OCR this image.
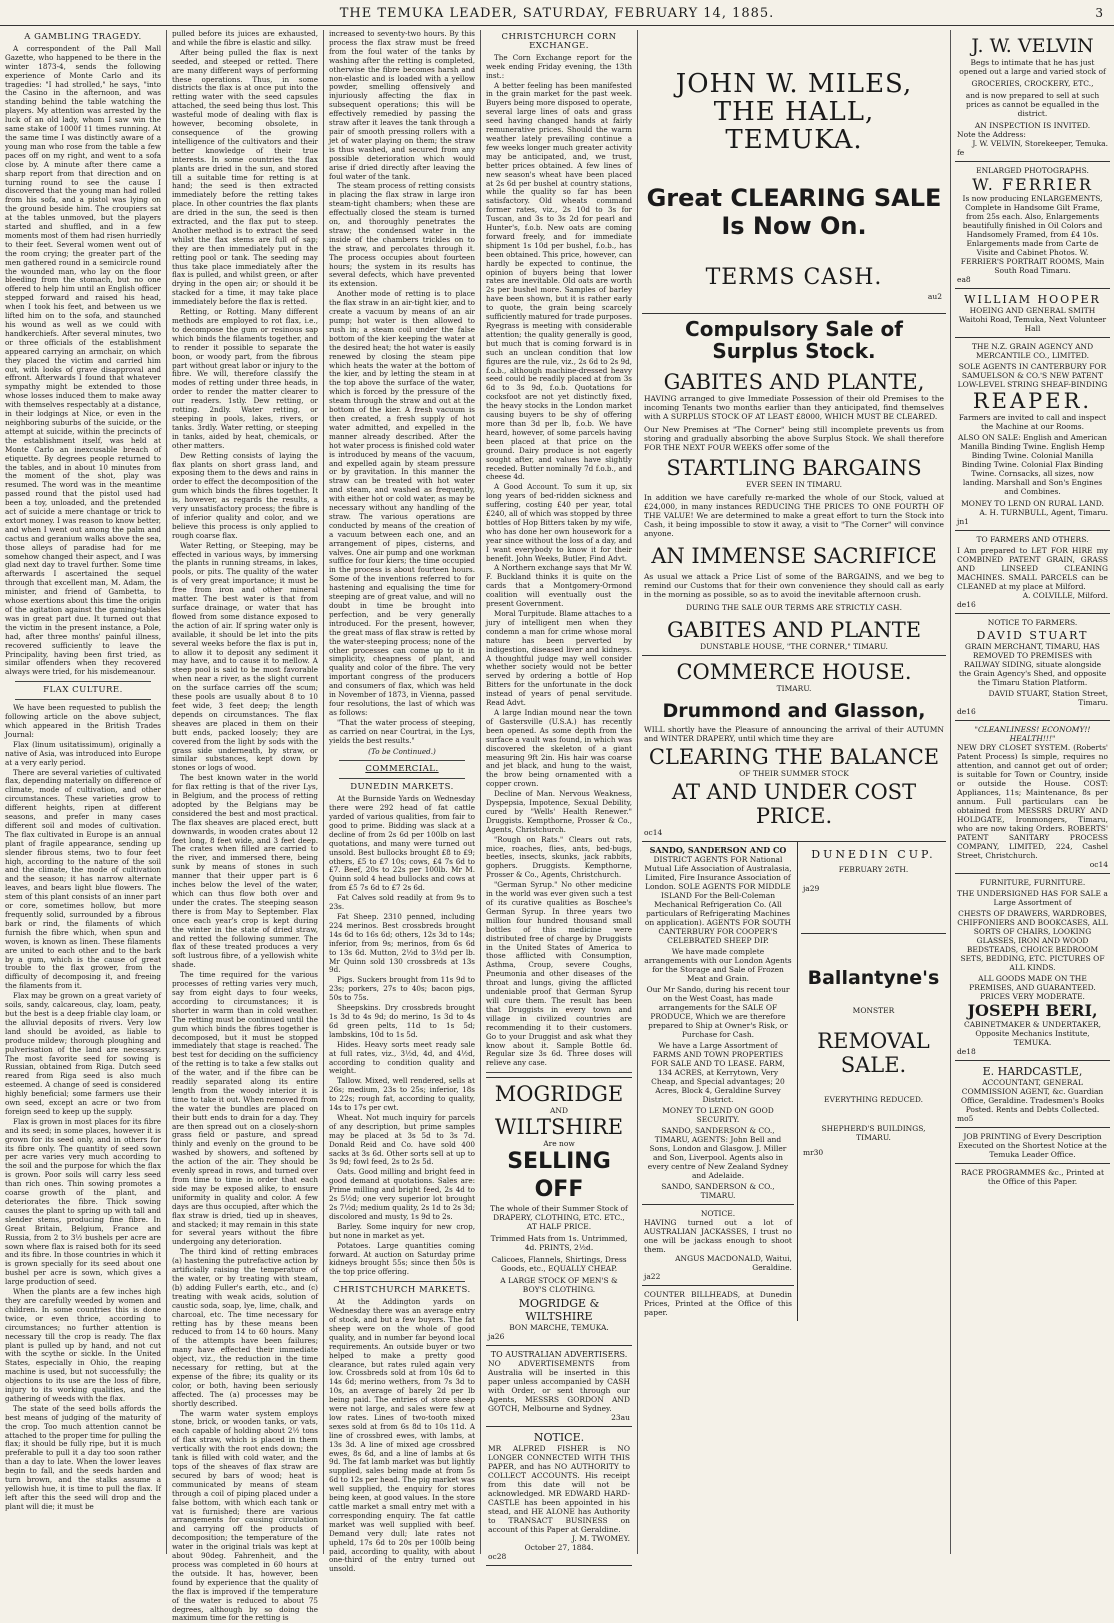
THE TEMUKA LEADER, SATURDAY, FEBRUARY 14, 1885.	3
A GAMBLING TRAGEDY.

A correspondent of the Pall Mall Gazette, who happened to be there in the winter 1873-4, sends the following experience of Monte Carlo and its tragedies: "I had strolled," he says, "into the Casino in the afternoon, and was standing behind the table watching the players. My attention was arrested by the luck of an old lady, whom I saw win the same stake of 1000f 11 times running. At the same time I was distinctly aware of a young man who rose from the table a few paces off on my right, and went to a sofa close by. A minute after there came a sharp report from that direction and on turning round to see the cause I discovered that the young man had rolled from his sofa, and a pistol was lying on the ground beside him. The croupiers sat at the tables unmoved, but the players started and shuffled, and in a few moments most of them had risen hurriedly to their feet. Several women went out of the room crying; the greater part of the men gathered round in a semicircle round the wounded man, who lay on the floor bleeding from the stomach, but no one offered to help him until an English officer stepped forward and raised his head, when I took his feet, and between us we lifted him on to the sofa, and staunched his wound as well as we could with handkerchiefs. After several minutes, two or three officials of the establishment appeared carrying an armchair, on which they placed the victim and carried him out, with looks of grave disapproval and effront. Afterwards I found that whatever sympathy might be extended to those whose losses induced them to make away with themselves respectably at a distance, in their lodgings at Nice, or even in the neighboring suburbs of the suicide, or the attempt at suicide, within the precincts of the establishment itself, was held at Monte Carlo an inexcusable breach of etiquette. By degrees people returned to the tables, and in about 10 minutes from the moment of the shot, play was resumed. The word was in the meantime passed round that the pistol used had been a toy, unloaded, and the pretended act of suicide a mere chantage or trick to extort money. I was reason to know better, and when I went out among the palm and cactus and geranium walks above the sea, those alleys of paradise had for me somehow changed their aspect, and I was glad next day to travel further. Some time afterwards I ascertained the sequel through that excellent man, M. Adam, the minister, and friend of Gambetta, to whose exertions about this time the origin of the agitation against the gaming-tables was in great part due. It turned out that the victim in the present instance, a Pole, had, after three months' painful illness, recovered sufficiently to leave the Principality, having been first tried, as similar offenders when they recovered always were tried, for his misdemeanour.

FLAX CULTURE.

We have been requested to publish the following article on the above subject, which appeared in the British Trades Journal:

Flax (linum usitatissimum), originally a native of Asia, was introduced into Europe at a very early period.

There are several varieties of cultivated flax, depending materially on difference of climate, mode of cultivation, and other circumstances. These varieties grow to different heights, ripen at different seasons, and prefer in many cases different soil and modes of cultivation. The flax cultivated in Europe is an annual plant of fragile appearance, sending up slender fibrous stems, two to four feet high, according to the nature of the soil and the climate, the mode of cultivation and the season; it has narrow alternate leaves, and bears light blue flowers. The stem of this plant consists of an inner part or core, sometimes hollow, but more frequently solid, surrounded by a fibrous bark or rind, the filaments of which furnish the fibre which, when spun and woven, is known as linen. These filaments are united to each other and to the bark by a gum, which is the cause of great trouble to the flax grower, from the difficulty of decomposing it, and freeing the filaments from it.

Flax may be grown on a great variety of soils, sandy, calcareous, clay, loam, peaty, but the best is a deep friable clay loam, or the alluvial deposits of rivers. Very low land should be avoided, as liable to produce mildew; thorough ploughing and pulverisation of the land are necessary. The most favorite seed for sowing is Russian, obtained from Riga. Dutch seed reared from Riga seed is also much esteemed. A change of seed is considered highly beneficial; some farmers use their own seed, except an acre or two from foreign seed to keep up the supply.

Flax is grown in most places for its fibre and its seed; in some places, however it is grown for its seed only, and in others for its fibre only. The quantity of seed sown per acre varies very much according to the soil and the purpose for which the flax is grown. Poor soils will carry less seed than rich ones. Thin sowing promotes a coarse growth of the plant, and deteriorates the fibre. Thick sowing causes the plant to spring up with tall and slender stems, producing fine fibre. In Great Britain, Belgium, France and Russia, from 2 to 3½ bushels per acre are sown where flax is raised both for its seed and its fibre. In those countries in which it is grown specially for its seed about one bushel per acre is sown, which gives a large production of seed.

When the plants are a few inches high they are carefully weeded by women and children. In some countries this is done twice, or even thrice, according to circumstances; no further attention is necessary till the crop is ready. The flax plant is pulled up by hand, and not cut with the scythe or sickle. In the United States, especially in Ohio, the reaping machine is used, but not successfully; the objections to its use are the loss of fibre, injury to its working qualities, and the gathering of weeds with the flax.

The state of the seed bolls affords the best means of judging of the maturity of the crop. Too much attention cannot be attached to the proper time for pulling the flax; it should be fully ripe, but it is much preferable to pull it a day too soon rather than a day to late. When the lower leaves begin to fall, and the seeds harden and turn brown, and the stalks assume a yellowish hue, it is time to pull the flax. If left after this the seed will drop and the plant will die; it must be

pulled before its juices are exhausted, and while the fibre is elastic and silky.

After being pulled the flax is next seeded, and steeped or retted. There are many different ways of performing these operations. Thus, in some districts the flax is at once put into the retting water with the seed capsules attached, the seed being thus lost. This wasteful mode of dealing with flax is however, becoming obsolete, in consequence of the growing intelligence of the cultivators and their better knowledge of their true interests. In some countries the flax plants are dried in the sun, and stored till a suitable time for retting is at hand; the seed is then extracted immediately before the retting takes place. In other countries the flax plants are dried in the sun, the seed is then extracted, and the flax put to steep. Another method is to extract the seed whilst the flax stems are full of sap; they are then immediately put in the retting pool or tank. The seeding may thus take place immediately after the flax is pulled, and whilst green, or after drying in the open air; or should it be stacked for a time, it may take place immediately before the flax is retted.

Retting, or Rotting. Many different methods are employed to rot flax, i.e., to decompose the gum or resinous sap which binds the filaments together, and to render it possible to separate the boon, or woody part, from the fibrous part without great labor or injury to the fibre. We will, therefore classify the modes of retting under three heads, in order to render the matter clearer to our readers. 1stly. Dew retting, or rotting. 2ndly. Water retting, or steeping in pools, lakes, rivers, or tanks. 3rdly. Water retting, or steeping in tanks, aided by heat, chemicals, or other matters.

Dew Retting consists of laying the flax plants on short grass land, and exposing them to the dews and rains in order to effect the decomposition of the gum which binds the fibres together. It is, however, as regards the results, a very unsatisfactory process; the fibre is of inferior quality and color, and we believe this process is only applied to rough coarse flax.

Water Retting, or Steeping, may be effected in various ways, by immersing the plants in running streams, in lakes, pools, or pits. The quality of the water is of very great importance; it must be free from iron and other mineral matter. The best water is that from surface drainage, or water that has flowed from some distance exposed to the action of air. If spring water only is available, it should be let into the pits several weeks before the flax is put in, to allow it to deposit any sediment it may have, and to cause it to mellow. A steep pool is said to be most favorable when near a river, as the slight current on the surface carries off the scum; these pools are usually about 8 to 10 feet wide, 3 feet deep; the length depends on circumstances. The flax sheaves are placed in them on their butt ends, packed loosely; they are covered from the light by sods with the grass side underneath, by straw, or similar substances, kept down by stones or logs of wood.

The best known water in the world for flax retting is that of the river Lys, in Belgium, and the process of retting adopted by the Belgians may be considered the best and most practical. The flax sheaves are placed erect, butt downwards, in wooden crates about 12 feet long, 8 feet wide, and 3 feet deep. The crates when filled are carried to the river, and immersed there, being sunk by means of stones in such manner that their upper part is 6 inches below the level of the water, which can thus flow both over and under the crates. The steeping season there is from May to September. Flax once each year's crop is kept during the winter in the state of dried straw, and retted the following summer. The flax of these treated produces a very soft lustrous fibre, of a yellowish white shade.

The time required for the various processes of retting varies very much, say from eight days to four weeks, according to circumstances; it is shorter in warm than in cold weather. The retting must be continued until the gum which binds the fibres together is decomposed, but it must be stopped immediately that stage is reached. The best test for deciding on the sufficiency of the retting is to take a few stalks out of the water, and if the fibre can be readily separated along its entire length from the woody interior it is time to take it out. When removed from the water the bundles are placed on their butt ends to drain for a day. They are then spread out on a closely-shorn grass field or pasture, and spread thinly and evenly on the ground to be washed by showers, and softened by the action of the air. They should be evenly spread in rows, and turned over from time to time in order that each side may be exposed alike, to ensure uniformity in quality and color. A few days are thus occupied, after which the flax straw is dried, tied up in sheaves, and stacked; it may remain in this state for several years without the fibre undergoing any deterioration.

The third kind of retting embraces (a) hastening the putrefactive action by artificially raising the temperature of the water, or by treating with steam, (b) adding Fuller's earth, etc., and (c) treating with weak acids, solution of caustic soda, soap, lye, lime, chalk, and charcoal, etc. The time necessary for retting has by these means been reduced to from 14 to 60 hours. Many of the attempts have been failures; many have effected their immediate object, viz., the reduction in the time necessary for retting, but at the expense of the fibre; its quality or its color, or both, having been seriously affected. The (a) processes may be shortly described.

The warm water system employs stone, brick, or wooden tanks, or vats, each capable of holding about 2½ tons of flax straw, which is placed in them vertically with the root ends down; the tank is filled with cold water, and the tops of the sheaves of flax straw are secured by bars of wood; heat is communicated by means of steam through a coil of piping placed under a false bottom, with which each tank or vat is furnished; there are various arrangements for causing circulation and carrying off the products of decomposition; the temperature of the water in the original trials was kept at about 90deg. Fahrenheit, and the process was completed in 60 hours at the outside. It has, however, been found by experience that the quality of the flax is improved if the temperature of the water is reduced to about 75 degrees, although by so doing the maximum time for the retting is

increased to seventy-two hours. By this process the flax straw must be freed from the foul water of the tanks by washing after the retting is completed, otherwise the fibre becomes harsh and non-elastic and is loaded with a yellow powder, smelling offensively and injuriously affecting the flax in subsequent operations; this will be effectively remedied by passing the straw after it leaves the tank through a pair of smooth pressing rollers with a jet of water playing on them; the straw is thus washed, and secured from any possible deterioration which would arise if dried directly after leaving the foul water of the tank.

The steam process of retting consists in placing the flax straw in large iron steam-tight chambers; when these are effectually closed the steam is turned on, and thoroughly penetrates the straw; the condensed water in the inside of the chambers trickles on to the straw, and percolates through it. The process occupies about fourteen hours; the system in its results has several defects, which have prevented its extension.

Another mode of retting is to place the flax straw in an air-tight kier, and to create a vacuum by means of an air pump; hot water is then allowed to rush in; a steam coil under the false bottom of the kier keeping the water at the desired heat; the hot water is easily renewed by closing the steam pipe which heats the water at the bottom of the kier, and by letting the steam in at the top above the surface of the water, which is forced by the pressure of the steam through the straw and out at the bottom of the kier. A fresh vacuum is then created, a fresh supply of hot water admitted, and expelled in the manner already described. After the hot water process is finished cold water is introduced by means of the vacuum, and expelled again by steam pressure or by gravitation. In this manner the straw can be treated with hot water and steam, and washed as frequently, with either hot or cold water, as may be necessary without any handling of the straw. The various operations are conducted by means of the creation of a vacuum between each one, and an arrangement of pipes, cisterns, and valves. One air pump and one workman suffice for four kiers; the time occupied in the process is about fourteen hours. Some of the inventions referred to for hastening and equalising the time for steeping are of great value, and will no doubt in time be brought into perfection, and be very generally introduced. For the present, however, the great mass of flax straw is retted by the water-steeping process; none of the other processes can come up to it in simplicity, cheapness of plant, and quality and color of the fibre. The very important congress of the producers and consumers of flax, which was held in November of 1873, in Vienna, passed four resolutions, the last of which was as follows:

"That the water process of steeping, as carried on near Courtrai, in the Lys, yields the best results."

(To be Continued.)
COMMERCIAL.
DUNEDIN MARKETS.

At the Burnside Yards on Wednesday there were 292 head of fat cattle yarded of various qualities, from fair to good to prime. Bidding was slack at a decline of from 2s 6d per 100lb on last quotations, and many were turned out unsold. Best bullocks brought £8 to £9; others, £5 to £7 10s; cows, £4 7s 6d to £7. Beef, 20s to 22s per 100lb. Mr M. Quinn sold 4 head bullocks and cows at from £5 7s 6d to £7 2s 6d.

Fat Calves sold readily at from 9s to 23s.

Fat Sheep. 2310 penned, including 224 merinos. Best crossbreds brought 14s 6d to 16s 6d; others, 12s 3d to 14s; inferior, from 9s; merinos, from 6s 6d to 13s 6d. Mutton, 2½d to 3½d per lb. Mr Quinn sold 130 crossbreds at 13s 9d.

Pigs. Suckers brought from 11s 9d to 23s; porkers, 27s to 40s; bacon pigs, 50s to 75s.

Sheepskins. Dry crossbreds brought 1s 3d to 4s 9d; do merino, 1s 3d to 4s 6d green pelts, 11d to 1s 5d; lambskins, 10d to 1s 5d.

Hides. Heavy sorts meet ready sale at full rates, viz., 3½d, 4d, and 4½d, according to condition quality and weight.

Tallow. Mixed, well rendered, sells at 26s; medium, 23s to 25s; inferior, 18s to 22s; rough fat, according to quality, 14s to 17s per cwt.

Wheat. Not much inquiry for parcels of any description, but prime samples may be placed at 3s 5d to 3s 7d. Donald Reid and Co. have sold 400 sacks at 3s 6d. Other sorts sell at up to 3s 9d; fowl feed, 2s to 2s 5d.

Oats. Good milling and bright feed in good demand at quotations. Sales are: Prime milling and bright feed, 2s 4d to 2s 5½d; one very superior lot brought 2s 7½d; medium quality, 2s 1d to 2s 3d; discolored and musty, 1s 9d to 2s.

Barley. Some inquiry for new crop, but none in market as yet.

Potatoes. Large quantities coming forward. At auction on Saturday prime kidneys brought 55s; since then 50s is the top price offering.

CHRISTCHURCH MARKETS.

At the Addington yards on Wednesday there was an average entry of stock, and but a few buyers. The fat sheep were on the whole of good quality, and in number far beyond local requirements. An outside buyer or two helped to make a pretty good clearance, but rates ruled again very low. Crossbreds sold at from 10s 6d to 14s 6d; merino wethers, from 7s 3d to 10s, an average of barely 2d per lb being paid. The entries of store sheep were not large, and sales were few at low rates. Lines of two-tooth mixed sexes sold at from 6s 8d to 10s 11d. A line of crossbred ewes, with lambs, at 13s 3d. A line of mixed age crossbred ewes, 8s 6d, and a line of lambs at 6s 9d. The fat lamb market was but lightly supplied, sales being made at from 5s 6d to 12s per head. The pig market was well supplied, the enquiry for stores being keen, at good values. In the store cattle market a small entry met with a corresponding enquiry. The fat cattle market was well supplied with beef. Demand very dull; late rates not upheld, 17s 6d to 20s per 100lb being paid, according to quality, with about one-third of the entry turned out unsold.

CHRISTCHURCH CORN EXCHANGE.

The Corn Exchange report for the week ending Friday evening, the 13th inst.:

A better feeling has been manifested in the grain market for the past week. Buyers being more disposed to operate, several large lines of oats and grass seed having changed hands at fairly remunerative prices. Should the warm weather lately prevailing continue a few weeks longer much greater activity may be anticipated, and, we trust, better prices obtained. A few lines of new season's wheat have been placed at 2s 6d per bushel at country stations, while the quality so far has been satisfactory. Old wheats command former rates, viz., 2s 10d to 3s for Tuscan, and 3s to 3s 2d for pearl and Hunter's, f.o.b. New oats are coming forward freely, and for immediate shipment 1s 10d per bushel, f.o.b., has been obtained. This price, however, can hardly be expected to continue, the opinion of buyers being that lower rates are inevitable. Old oats are worth 2s per bushel more. Samples of barley have been shown, but it is rather early to quote, the grain being scarcely sufficiently matured for trade purposes. Ryegrass is meeting with considerable attention; the quality generally is good, but much that is coming forward is in such an unclean condition that low figures are the rule, viz., 2s 6d to 2s 9d, f.o.b., although machine-dressed heavy seed could be readily placed at from 3s 6d to 3s 9d, f.o.b. Quotations for cocksfoot are not yet distinctly fixed, the heavy stocks in the London market causing buyers to be shy of offering more than 3d per lb, f.o.b. We have heard, however, of some parcels having been placed at that price on the ground. Dairy produce is not eagerly sought after, and values have slightly receded. Butter nominally 7d f.o.b., and cheese 4d.

A Good Account. To sum it up, six long years of bed-ridden sickness and suffering, costing £40 per year, total £240, all of which was stopped by three bottles of Hop Bitters taken by my wife, who has done her own housework for a year since without the loss of a day, and I want everybody to know it for their benefit. John Weeks, Butler, Find Advt.

A Northern exchange says that Mr W. F. Buckland thinks it is quite on the cards that a Montgomery-Ormond coalition will eventually oust the present Government.

Moral Turpitude. Blame attaches to a jury of intelligent men when they condemn a man for crime whose moral nature has been perverted by indigestion, diseased liver and kidneys. A thoughtful judge may well consider whether society would not be better served by ordering a bottle of Hop Bitters for the unfortunate in the dock instead of years of penal servitude. Read Advt.

A large Indian mound near the town of Gastersville (U.S.A.) has recently been opened. As some depth from the surface a vault was found, in which was discovered the skeleton of a giant measuring 9ft 2in. His hair was coarse and jet black, and hung to the waist, the brow being ornamented with a copper crown.

Decline of Man. Nervous Weakness, Dyspepsia, Impotence, Sexual Debility, cured by "Wells' Health Renewer." Druggists. Kempthorne, Prosser & Co., Agents, Christchurch.

"Rough on Rats." Clears out rats, mice, roaches, flies, ants, bed-bugs, beetles, insects, skunks, jack rabbits, gophers. Druggists. Kempthorne, Prosser & Co., Agents, Christchurch.

"German Syrup." No other medicine in the world was ever given such a test of its curative qualities as Boschee's German Syrup. In three years two million four hundred thousand small bottles of this medicine were distributed free of charge by Druggists in the United States of America to those afflicted with Consumption, Asthma, Croup, severe Coughs, Pneumonia and other diseases of the throat and lungs, giving the afflicted undeniable proof that German Syrup will cure them. The result has been that Druggists in every town and village in civilized countries are recommending it to their customers. Go to your Druggist and ask what they know about it. Sample Bottle 6d. Regular size 3s 6d. Three doses will relieve any case.

MOGRIDGE
AND
WILTSHIRE
Are now
SELLING OFF
The whole of their Summer Stock of DRAPERY, CLOTHING, ETC. ETC., AT HALF PRICE.
Trimmed Hats from 1s. Untrimmed, 4d. PRINTS, 2½d.
Calicoes, Flannels, Shirtings, Dress Goods, etc., EQUALLY CHEAP.
A LARGE STOCK OF MEN'S & BOY'S CLOTHING.
MOGRIDGE & WILTSHIRE
BON MARCHE, TEMUKA.
ja26
TO AUSTRALIAN ADVERTISERS.
NO ADVERTISEMENTS from Australia will be inserted in this paper unless accompanied by CASH with Order, or sent through our Agents, MESSRS GORDON AND GOTCH, Melbourne and Sydney.
23au
NOTICE.
MR ALFRED FISHER is NO LONGER CONNECTED WITH THIS PAPER, and has NO AUTHORITY to COLLECT ACCOUNTS. His receipt from this date will not be acknowledged. MR EDWARD HARD-CASTLE has been appointed in his stead, and HE ALONE has Authority to TRANSACT BUSINESS on account of this Paper at Geraldine.
J. M. TWOMEY.
October 27, 1884.
oc28
JOHN W. MILES,
THE HALL, TEMUKA.
Great CLEARING SALE
Is Now On.
TERMS CASH.
au2
Compulsory Sale of Surplus Stock.
GABITES AND PLANTE,
HAVING arranged to give Immediate Possession of their old Premises to the incoming Tenants two months earlier than they anticipated, find themselves with A SURPLUS STOCK OF AT LEAST £8000, WHICH MUST BE CLEARED.
Our New Premises at "The Corner" being still incomplete prevents us from storing and gradually absorbing the above Surplus Stock. We shall therefore FOR THE NEXT FOUR WEEKS offer some of the
STARTLING BARGAINS
EVER SEEN IN TIMARU.
In addition we have carefully re-marked the whole of our Stock, valued at £24,000, in many instances REDUCING THE PRICES TO ONE FOURTH OF THE VALUE! We are determined to make a great effort to turn the Stock into Cash, it being impossible to stow it away, a visit to "The Corner" will convince anyone.
AN IMMENSE SACRIFICE
As usual we attack a Price List of some of the BARGAINS, and we beg to remind our Customs that for their own convenience they should call as early in the morning as possible, so as to avoid the inevitable afternoon crush.
DURING THE SALE OUR TERMS ARE STRICTLY CASH.
GABITES AND PLANTE
DUNSTABLE HOUSE, "THE CORNER," TIMARU.
COMMERCE HOUSE.
TIMARU.
Drummond and Glasson,
WILL shortly have the Pleasure of announcing the arrival of their AUTUMN and WINTER DRAPERY, until which time they are
CLEARING THE BALANCE
OF THEIR SUMMER STOCK
AT AND UNDER COST PRICE.
oc14
SANDO, SANDERSON AND CO
DISTRICT AGENTS FOR National Mutual Life Association of Australasia, Limited, Fire Insurance Association of London. SOLE AGENTS FOR MIDDLE ISLAND For the Bell-Coleman Mechanical Refrigeration Co. (All particulars of Refrigerating Machines on application). AGENTS FOR SOUTH CANTERBURY FOR COOPER'S CELEBRATED SHEEP DIP.
We have made complete arrangements with our London Agents for the Storage and Sale of Frozen Meat and Grain.
Our Mr Sando, during his recent tour on the West Coast, has made arrangements for the SALE OF PRODUCE, Which we are therefore prepared to Ship at Owner's Risk, or Purchase for Cash.
We have a Large Assortment of FARMS AND TOWN PROPERTIES FOR SALE AND TO LEASE. FARM, 134 ACRES, at Kerrytown, Very Cheap, and Special advantages; 20 Acres, Block 4, Geraldine Survey District.
MONEY TO LEND ON GOOD SECURITY.
SANDO, SANDERSON & CO., TIMARU, AGENTS: John Bell and Sons, London and Glasgow. J. Miller and Son, Liverpool. Agents also in every centre of New Zealand Sydney and Adelaide.
SANDO, SANDERSON & CO., TIMARU.
NOTICE.
HAVING turned out a lot of AUSTRALIAN JACKASSES, I trust no one will be jackass enough to shoot them.
ANGUS MACDONALD, Waitui, Geraldine.
ja22
COUNTER BILLHEADS, at Dunedin Prices, Printed at the Office of this paper.
DUNEDIN CUP.
FEBRUARY 26TH.
ja29
Ballantyne's
MONSTER
REMOVAL
SALE.
EVERYTHING REDUCED.
SHEPHERD'S BUILDINGS, TIMARU.
mr30
J. W. VELVIN
Begs to intimate that he has just opened out a large and varied stock of
GROCERIES, CROCKERY, ETC.,
and is now prepared to sell at such prices as cannot be equalled in the district.
AN INSPECTION IS INVITED.
Note the Address:
J. W. VELVIN, Storekeeper, Temuka.
fe
ENLARGED PHOTOGRAPHS.
W. FERRIER
Is now producing ENLARGEMENTS, Complete in Handsome Gilt Frame, from 25s each. Also, Enlargements beautifully finished in Oil Colors and Handsomely Framed, from £4 10s. Enlargements made from Carte de Visite and Cabinet Photos. W. FERRIER'S PORTRAIT ROOMS, Main South Road Timaru.
ea8
WILLIAM HOOPER
HOEING AND GENERAL SMITH Waitohi Road, Temuka, Next Volunteer Hall
THE N.Z. GRAIN AGENCY AND MERCANTILE CO., LIMITED.
SOLE AGENTS IN CANTERBURY FOR SAMUELSON & CO.'S NEW PATENT LOW-LEVEL STRING SHEAF-BINDING
REAPER.
Farmers are invited to call and inspect the Machine at our Rooms.
ALSO ON SALE: English and American Manilla Binding Twine. English Hemp Binding Twine. Colonial Manilla Binding Twine. Colonial Flax Binding Twine. Cornsacks, all sizes, now landing. Marshall and Son's Engines and Combines.
MONEY TO LEND ON RURAL LAND.
A. H. TURNBULL, Agent, Timaru.
jn1
TO FARMERS AND OTHERS.
I Am prepared to LET FOR HIRE my COMBINED PATENT GRAIN, GRASS AND LINSEED CLEANING MACHINES. SMALL PARCELS can be CLEANED at my place at Milford.
A. COLVILLE, Milford.
de16
NOTICE TO FARMERS.
DAVID STUART
GRAIN MERCHANT, TIMARU, HAS REMOVED TO PREMISES with RAILWAY SIDING, situate alongside the Grain Agency's Shed, and opposite the Timaru Station Platform.
DAVID STUART, Station Street, Timaru.
de16
"CLEANLINESS! ECONOMY!! HEALTH!!!"
NEW DRY CLOSET SYSTEM. (Roberts' Patent Process) Is simple, requires no attention, and cannot get out of order; is suitable for Town or Country, inside or outside the House. COST: Appliances, 11s; Maintenance, 8s per annum. Full particulars can be obtained from MESSRS DRURY AND HOLDGATE, Ironmongers, Timaru, who are now taking Orders. ROBERTS' PATENT SANITARY PROCESS COMPANY, LIMITED, 224, Cashel Street, Christchurch.
oc14
FURNITURE, FURNITURE.
THE UNDERSIGNED HAS FOR SALE a Large Assortment of
CHESTS OF DRAWERS, WARDROBES, CHIFFONIERS AND BOOKCASES, ALL SORTS OF CHAIRS, LOOKING GLASSES, IRON AND WOOD BEDSTEADS, CHOICE BEDROOM SETS, BEDDING, ETC. PICTURES OF ALL KINDS.
ALL GOODS MADE ON THE PREMISES, AND GUARANTEED.
PRICES VERY MODERATE.
JOSEPH BERI,
CABINETMAKER & UNDERTAKER, Opposite Mechanics Institute, TEMUKA.
de18
E. HARDCASTLE,
ACCOUNTANT, GENERAL COMMISSION AGENT, &c. Guardian Office, Geraldine. Tradesmen's Books Posted. Rents and Debts Collected.
mo5
JOB PRINTING of Every Description Executed on the Shortest Notice at the Temuka Leader Office.
RACE PROGRAMMES &c., Printed at the Office of this Paper.
